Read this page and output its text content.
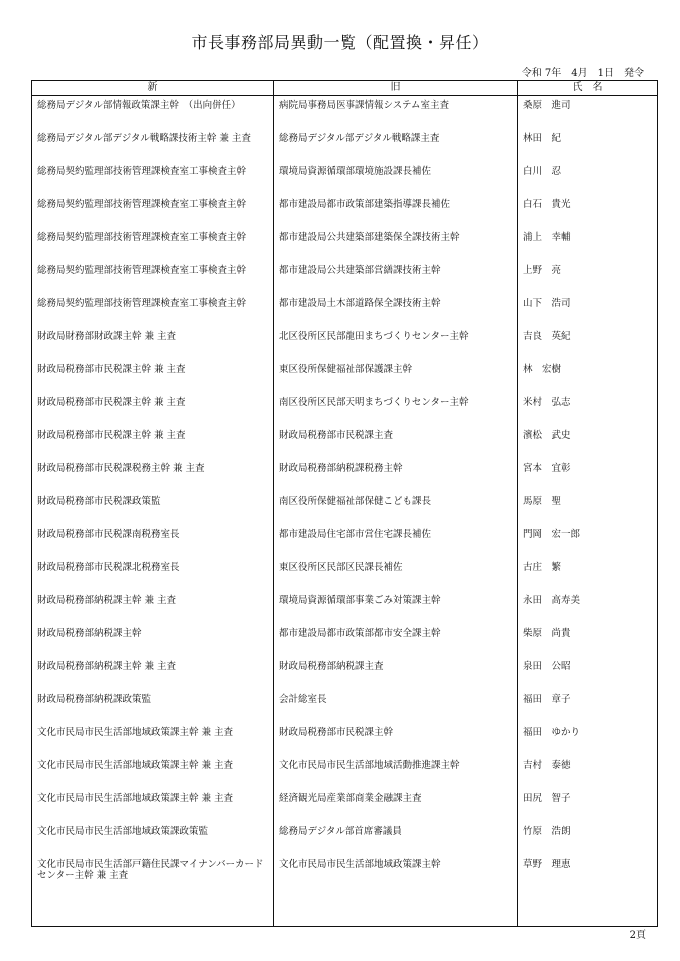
市長事務部局異動一覧（配置換・昇任）
令和 7年　4月　1日　発令
新	旧	氏　名
総務局デジタル部情報政策課主幹　（出向併任）	病院局事務局医事課情報システム室主査	桑原　進司
総務局デジタル部デジタル戦略課技術主幹 兼 主査	総務局デジタル部デジタル戦略課主査	林田　紀
総務局契約監理部技術管理課検査室工事検査主幹	環境局資源循環部環境施設課長補佐	白川　忍
総務局契約監理部技術管理課検査室工事検査主幹	都市建設局都市政策部建築指導課長補佐	白石　貴光
総務局契約監理部技術管理課検査室工事検査主幹	都市建設局公共建築部建築保全課技術主幹	浦上　幸輔
総務局契約監理部技術管理課検査室工事検査主幹	都市建設局公共建築部営繕課技術主幹	上野　亮
総務局契約監理部技術管理課検査室工事検査主幹	都市建設局土木部道路保全課技術主幹	山下　浩司
財政局財務部財政課主幹 兼 主査	北区役所区民部龍田まちづくりセンター主幹	吉良　英紀
財政局税務部市民税課主幹 兼 主査	東区役所保健福祉部保護課主幹	林　宏樹
財政局税務部市民税課主幹 兼 主査	南区役所区民部天明まちづくりセンター主幹	米村　弘志
財政局税務部市民税課主幹 兼 主査	財政局税務部市民税課主査	濱松　武史
財政局税務部市民税課税務主幹 兼 主査	財政局税務部納税課税務主幹	宮本　宜彰
財政局税務部市民税課政策監	南区役所保健福祉部保健こども課長	馬原　聖
財政局税務部市民税課南税務室長	都市建設局住宅部市営住宅課長補佐	門岡　宏一郎
財政局税務部市民税課北税務室長	東区役所区民部区民課長補佐	古庄　繁
財政局税務部納税課主幹 兼 主査	環境局資源循環部事業ごみ対策課主幹	永田　高寿美
財政局税務部納税課主幹	都市建設局都市政策部都市安全課主幹	柴原　尚貴
財政局税務部納税課主幹 兼 主査	財政局税務部納税課主査	泉田　公昭
財政局税務部納税課政策監	会計総室長	福田　章子
文化市民局市民生活部地域政策課主幹 兼 主査	財政局税務部市民税課主幹	福田　ゆかり
文化市民局市民生活部地域政策課主幹 兼 主査	文化市民局市民生活部地域活動推進課主幹	吉村　泰徳
文化市民局市民生活部地域政策課主幹 兼 主査	経済観光局産業部商業金融課主査	田尻　智子
文化市民局市民生活部地域政策課政策監	総務局デジタル部首席審議員	竹原　浩朗
文化市民局市民生活部戸籍住民課マイナンバーカードセンター主幹 兼 主査	文化市民局市民生活部地域政策課主幹	草野　理恵

2頁
